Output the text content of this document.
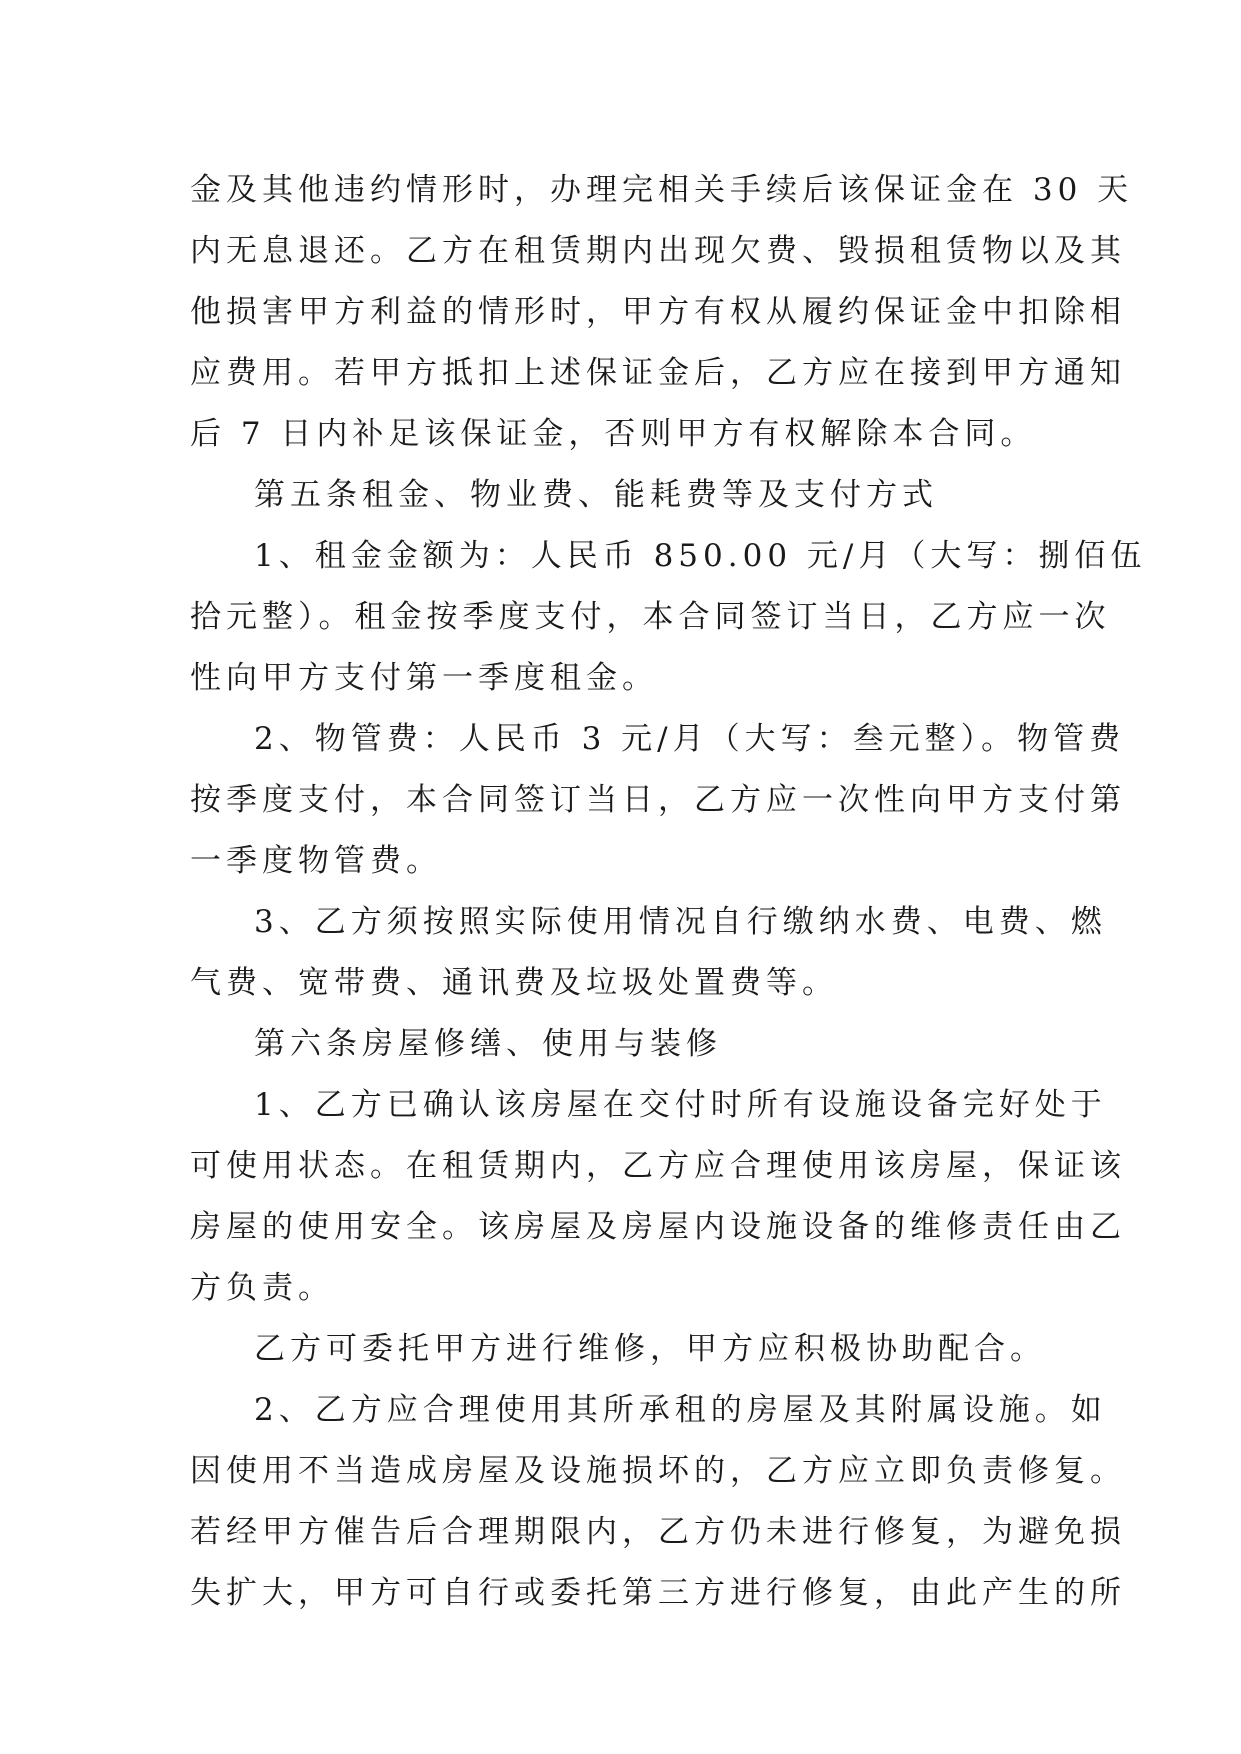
金及其他违约情形时，办理完相关手续后该保证金在 30 天
内无息退还。乙方在租赁期内出现欠费、毁损租赁物以及其
他损害甲方利益的情形时，甲方有权从履约保证金中扣除相
应费用。若甲方抵扣上述保证金后，乙方应在接到甲方通知
后 7 日内补足该保证金，否则甲方有权解除本合同。
第五条租金、物业费、能耗费等及支付方式
1、租金金额为：人民币 850.00 元/月（大写：捌佰伍
拾元整）。租金按季度支付，本合同签订当日，乙方应一次
性向甲方支付第一季度租金。
2、物管费：人民币 3 元/月（大写：叁元整）。物管费
按季度支付，本合同签订当日，乙方应一次性向甲方支付第
一季度物管费。
3、乙方须按照实际使用情况自行缴纳水费、电费、燃
气费、宽带费、通讯费及垃圾处置费等。
第六条房屋修缮、使用与装修
1、乙方已确认该房屋在交付时所有设施设备完好处于
可使用状态。在租赁期内，乙方应合理使用该房屋，保证该
房屋的使用安全。该房屋及房屋内设施设备的维修责任由乙
方负责。
乙方可委托甲方进行维修，甲方应积极协助配合。
2、乙方应合理使用其所承租的房屋及其附属设施。如
因使用不当造成房屋及设施损坏的，乙方应立即负责修复。
若经甲方催告后合理期限内，乙方仍未进行修复，为避免损
失扩大，甲方可自行或委托第三方进行修复，由此产生的所
